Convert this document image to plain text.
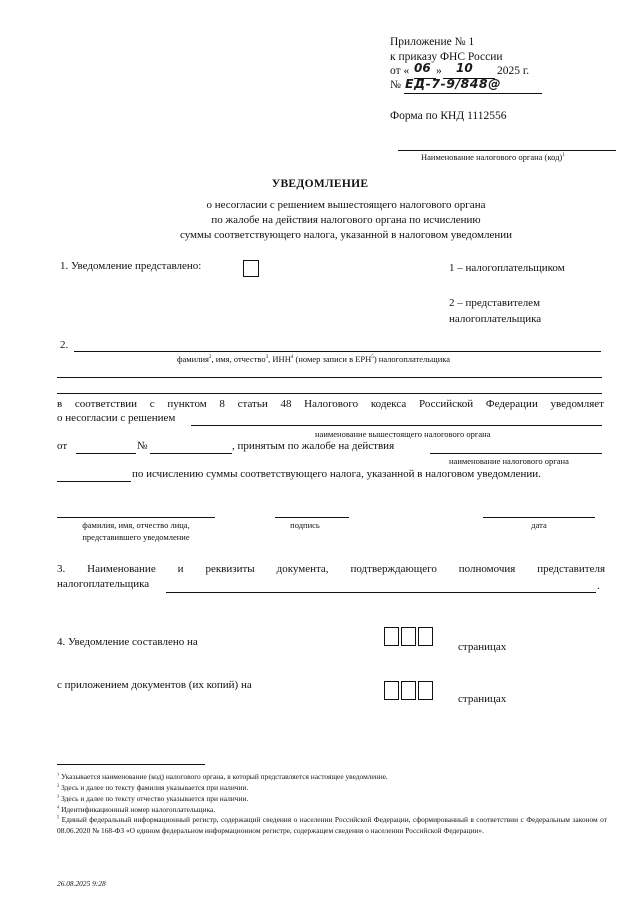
Приложение № 1
к приказу ФНС России
от « 06 » 10 2025 г.
№ ЕД-7-9/848@
Форма по КНД 1112556
Наименование налогового органа (код)$^1$
УВЕДОМЛЕНИЕ
о несогласии с решением вышестоящего налогового органа
по жалобе на действия налогового органа по исчислению
суммы соответствующего налога, указанной в налоговом уведомлении
1. Уведомление представлено:	1 – налогоплательщиком
2 – представителем
налогоплательщика
2.
фамилия$^2$, имя, отчество$^3$, ИНН$^4$ (номер записи в ЕРН$^5$) налогоплательщика
в соответствии с пунктом 8 статьи 48 Налогового кодекса Российской Федерации уведомляет
о несогласии с решением
наименование вышестоящего налогового органа
от	№	, принятым по жалобе на действия
наименование налогового органа
по исчислению суммы соответствующего налога, указанной в налоговом уведомлении.
фамилия, имя, отчество лица,
представившего уведомление
подпись	дата
3. Наименование и реквизиты документа, подтверждающего полномочия представителя
налогоплательщика	.
4. Уведомление составлено на	страницах
с приложением документов (их копий) на
страницах
$^1$ Указывается наименование (код) налогового органа, в который представляется настоящее уведомление.
$^2$ Здесь и далее по тексту фамилия указывается при наличии.
$^3$ Здесь и далее по тексту отчество указывается при наличии.
$^4$ Идентификационный номер налогоплательщика.
$^5$ Единый федеральный информационный регистр, содержащий сведения о населении Российской Федерации, сформированный в соответствии с Федеральным законом от 08.06.2020 № 168-ФЗ «О едином федеральном информационном регистре, содержащем сведения о населении Российской Федерации».
26.08.2025 9:28
